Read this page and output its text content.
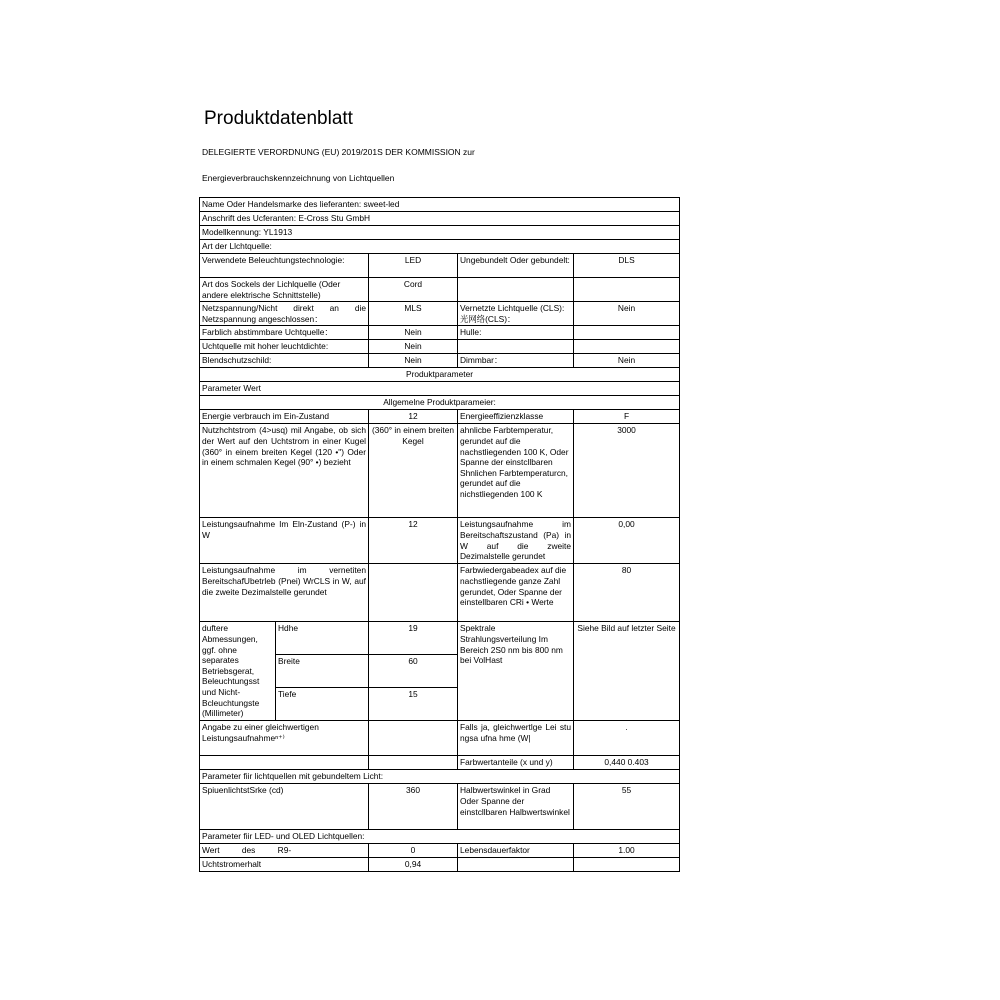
Produktdatenblatt
DELEGIERTE VERORDNUNG (EU) 2019/201S DER KOMMISSION zur
Energieverbrauchskennzeichnung von Lichtquellen
Name Oder Handelsmarke des lieferanten: sweet-led				
Anschrift des Ucferanten: E-Cross Stu GmbH				
Modellkennung: YL1913				
Art der Llchtquelle:				
Verwendete Beleuchtungstechnologie:		LED	Ungebundelt Oder gebundelt:	DLS
Art dos Sockels der Lichlquelle (Oder andere elektrische Schnittstelle)		Cord		
Netzspannung/Nicht direkt an die Netzspannung angeschlossen：		MLS	Vernetzte Lichtquelle (CLS): 光网络(CLS)：	Nein
Farblich abstimmbare Uchtquelle：		Nein	Hulle:	
Uchtquelle mit hoher leuchtdichte:		Nein		
Blendschutzschild:		Nein	Dimmbar：	Nein
Produktparameter				
Parameter Wert				
Allgemelne Produktparameier:				
Energie verbrauch im Ein-Zustand		12	Energieeffizienzklasse	F
Nutzhchtstrom (4>usq) mil Angabe, ob sich der Wert auf den Uchtstrom in einer Kugel (360° in einem breiten Kegel (120 •") Oder in einem schmalen Kegel (90° •) bezieht		(360° in einem breiten Kegel	ahnlicbe Farbtemperatur, gerundet auf die nachstliegenden 100 K, Oder Spanne der einstcllbaren Shnlichen Farbtemperaturcn, gerundet auf die nichstliegenden 100 K	3000
Leistungsaufnahme Im Eln-Zustand (P-) in W		12	Leistungsaufnahme im Bereitschaftszustand (Pa) in W auf die zweite Dezimalstelle gerundet	0,00
Leistungsaufnahme im vernetiten BereitschafUbetrleb (Pnei) WrCLS in W, auf die zweite Dezimalstelle gerundet			Farbwiedergabeadex auf die nachstliegende ganze Zahl gerundet, Oder Spanne der einstellbaren CRi • Werte	80
duftere Abmessungen, ggf. ohne separates Betriebsgerat, Beleuchtungsst und Nicht-Bcleuchtungste (Millimeter)	Hdhe	19	Spektrale Strahlungsverteilung Im Bereich 2S0 nm bis 800 nm bei VolHast	Siehe Bild auf letzter Seite
	Breite	60		
	Tiefe	15		
Angabe zu einer gleichwertigen Leistungsaufnahmeⁿ⁺⁾			Falls ja, gleichwertlge Lei stu ngsa ufna hme (W|	.
			Farbwertanteile (x und y)	0,440 0.403
Parameter fiir lichtquellen mit gebundeltem Licht:				
SpiuenlichtstSrke (cd)		360	Halbwertswinkel in Grad Oder Spanne der einstcllbaren Halbwertswinkel	55
Parameter fiir LED- und OLED Lichtquellen:				
Wert des R9-		0	Lebensdauerfaktor	1.00
Uchtstromerhalt		0,94		
